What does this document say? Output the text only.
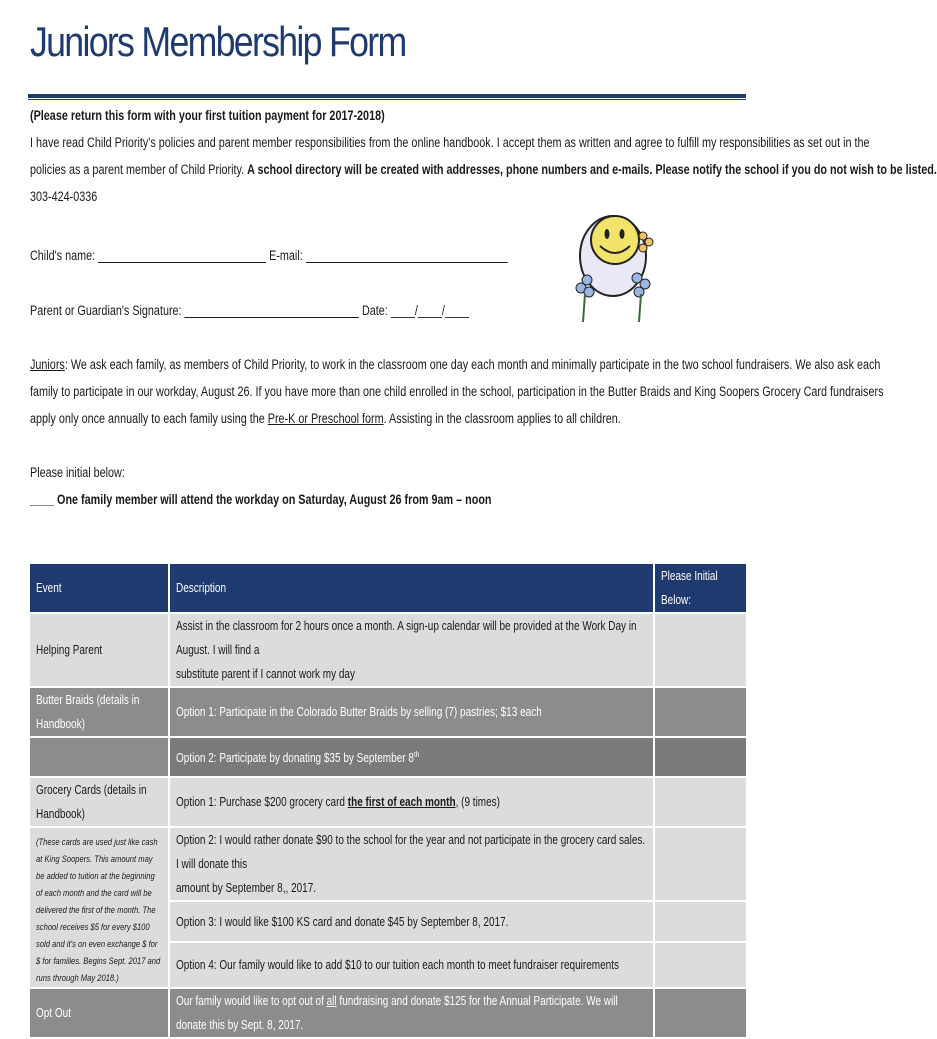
Juniors Membership Form
(Please return this form with your first tuition payment for 2017-2018)
I have read Child Priority's policies and parent member responsibilities from the online handbook. I accept them as written and agree to fulfill my responsibilities as set out in the
policies as a parent member of Child Priority. A school directory will be created with addresses, phone numbers and e-mails. Please notify the school if you do not wish to be listed.
303-424-0336
Child's name:	E-mail:
Parent or Guardian's Signature:	Date: ____/____/____
Juniors: We ask each family, as members of Child Priority, to work in the classroom one day each month and minimally participate in the two school fundraisers. We also ask each
family to participate in our workday, August 26. If you have more than one child enrolled in the school, participation in the Butter Braids and King Soopers Grocery Card fundraisers
apply only once annually to each family using the Pre-K or Preschool form. Assisting in the classroom applies to all children.
Please initial below:
____ One family member will attend the workday on Saturday, August 26 from 9am – noon
Event	Description	Please Initial Below:

Helping Parent	Assist in the classroom for 2 hours once a month. A sign-up calendar will be provided at the Work Day in August. I will find a
substitute parent if I cannot work my day	

Butter Braids (details in Handbook)	Option 1: Participate in the Colorado Butter Braids by selling (7) pastries; $13 each	

	Option 2: Participate by donating $35 by September 8th

Grocery Cards (details in Handbook)	Option 1: Purchase $200 grocery card the first of each month, (9 times)	

(These cards are used just like cash at King Soopers. This amount may be added to tuition at the beginning of each month and the card will be delivered the first of the month. The school receives $5 for every $100 sold and it's on even exchange $ for $ for families. Begins Sept. 2017 and runs through May 2018.)	Option 2: I would rather donate $90 to the school for the year and not participate in the grocery card sales. I will donate this
amount by September 8,, 2017.	

	Option 3: I would like $100 KS card and donate $45 by September 8, 2017.	

	Option 4: Our family would like to add $10 to our tuition each month to meet fundraiser requirements	

Opt Out	Our family would like to opt out of all fundraising and donate $125 for the Annual Participate. We will donate this by Sept. 8, 2017.	
